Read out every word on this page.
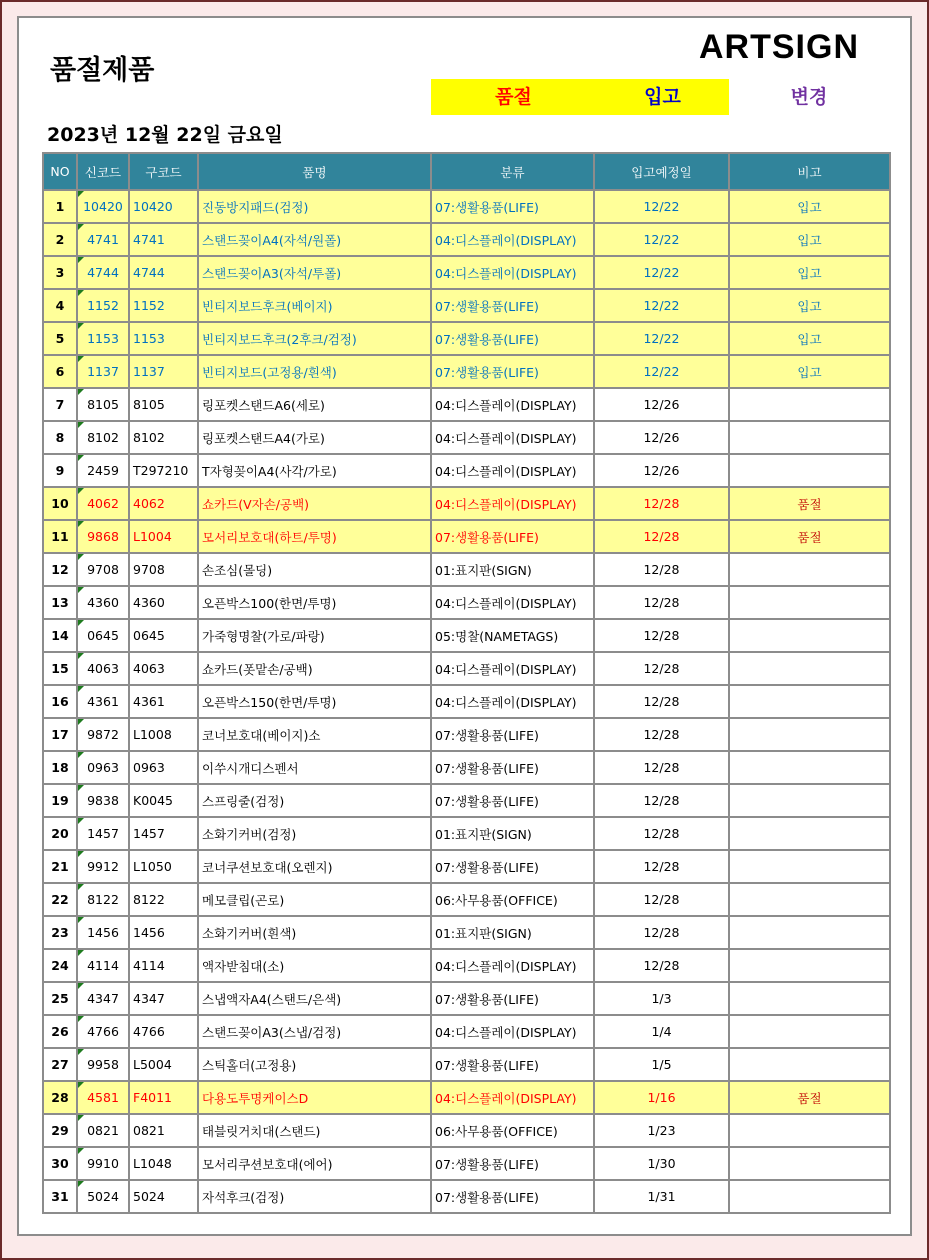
품절제품
ARTSIGN
품절	입고	변경
2023년 12월 22일 금요일
NO	신코드	구코드	품명	분류	입고예정일	비고
1	10420	10420	진동방지패드(검정)	07:생활용품(LIFE)	12/22	입고
2	4741	4741	스탠드꽂이A4(자석/원폴)	04:디스플레이(DISPLAY)	12/22	입고
3	4744	4744	스탠드꽂이A3(자석/투폴)	04:디스플레이(DISPLAY)	12/22	입고
4	1152	1152	빈티지보드후크(베이지)	07:생활용품(LIFE)	12/22	입고
5	1153	1153	빈티지보드후크(2후크/검정)	07:생활용품(LIFE)	12/22	입고
6	1137	1137	빈티지보드(고정용/흰색)	07:생활용품(LIFE)	12/22	입고
7	8105	8105	링포켓스탠드A6(세로)	04:디스플레이(DISPLAY)	12/26	
8	8102	8102	링포켓스탠드A4(가로)	04:디스플레이(DISPLAY)	12/26	
9	2459	T297210	T자형꽂이A4(사각/가로)	04:디스플레이(DISPLAY)	12/26	
10	4062	4062	쇼카드(V자손/공백)	04:디스플레이(DISPLAY)	12/28	품절
11	9868	L1004	모서리보호대(하트/투명)	07:생활용품(LIFE)	12/28	품절
12	9708	9708	손조심(몰딩)	01:표지판(SIGN)	12/28	
13	4360	4360	오픈박스100(한면/투명)	04:디스플레이(DISPLAY)	12/28	
14	0645	0645	가죽형명찰(가로/파랑)	05:명찰(NAMETAGS)	12/28	
15	4063	4063	쇼카드(폿맡손/공백)	04:디스플레이(DISPLAY)	12/28	
16	4361	4361	오픈박스150(한면/투명)	04:디스플레이(DISPLAY)	12/28	
17	9872	L1008	코너보호대(베이지)소	07:생활용품(LIFE)	12/28	
18	0963	0963	이쑤시개디스펜서	07:생활용품(LIFE)	12/28	
19	9838	K0045	스프링줄(검정)	07:생활용품(LIFE)	12/28	
20	1457	1457	소화기커버(검정)	01:표지판(SIGN)	12/28	
21	9912	L1050	코너쿠션보호대(오렌지)	07:생활용품(LIFE)	12/28	
22	8122	8122	메모클립(곤로)	06:사무용품(OFFICE)	12/28	
23	1456	1456	소화기커버(흰색)	01:표지판(SIGN)	12/28	
24	4114	4114	액자받침대(소)	04:디스플레이(DISPLAY)	12/28	
25	4347	4347	스냅액자A4(스탠드/은색)	07:생활용품(LIFE)	1/3	
26	4766	4766	스탠드꽂이A3(스냅/검정)	04:디스플레이(DISPLAY)	1/4	
27	9958	L5004	스틱홀더(고정용)	07:생활용품(LIFE)	1/5	
28	4581	F4011	다용도투명케이스D	04:디스플레이(DISPLAY)	1/16	품절
29	0821	0821	태블릿거치대(스탠드)	06:사무용품(OFFICE)	1/23	
30	9910	L1048	모서리쿠션보호대(에어)	07:생활용품(LIFE)	1/30	
31	5024	5024	자석후크(검정)	07:생활용품(LIFE)	1/31	
